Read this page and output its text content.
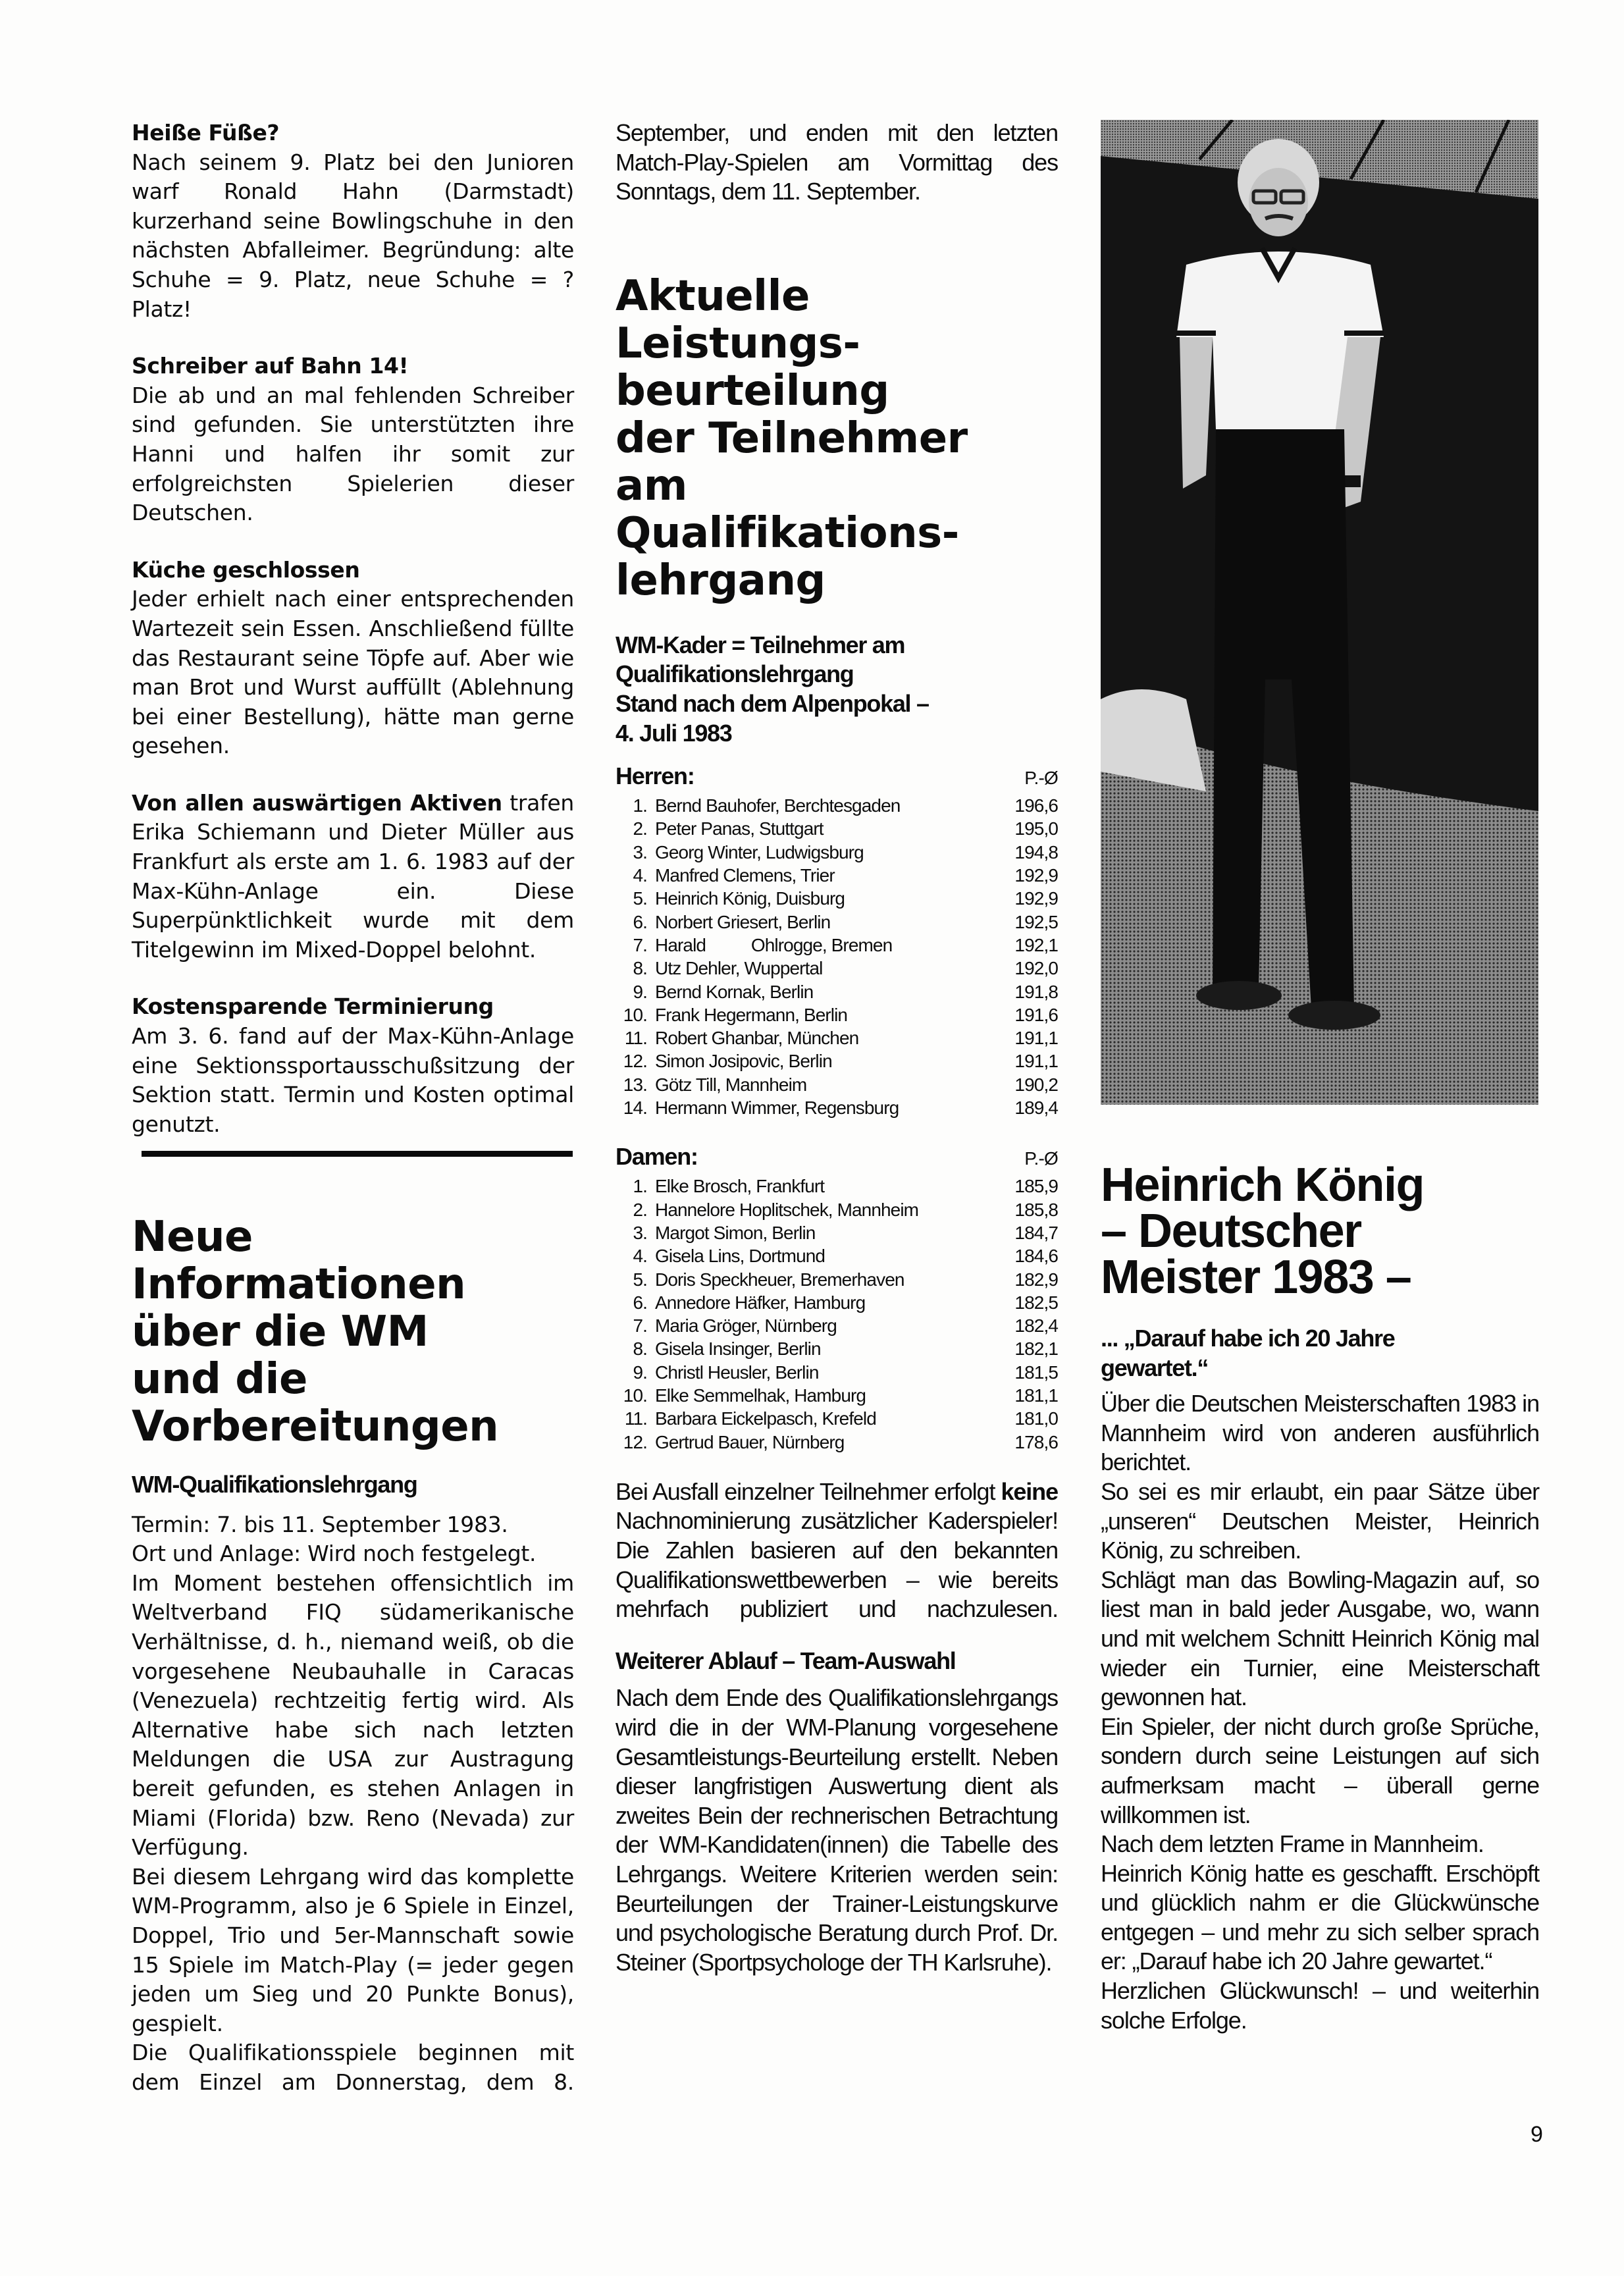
Heiße Füße?

Nach seinem 9. Platz bei den Junioren warf Ronald Hahn (Darmstadt) kurzerhand seine Bowlingschuhe in den nächsten Abfalleimer. Begründung: alte Schuhe = 9. Platz, neue Schuhe = ? Platz!

Schreiber auf Bahn 14!

Die ab und an mal fehlenden Schreiber sind gefunden. Sie unterstützten ihre Hanni und halfen ihr somit zur erfolgreichsten Spielerien dieser Deutschen.

Küche geschlossen

Jeder erhielt nach einer entsprechenden Wartezeit sein Essen. Anschließend füllte das Restaurant seine Töpfe auf. Aber wie man Brot und Wurst auffüllt (Ablehnung bei einer Bestellung), hätte man gerne gesehen.

Von allen auswärtigen Aktiven trafen Erika Schiemann und Dieter Müller aus Frankfurt als erste am 1. 6. 1983 auf der Max-Kühn-Anlage ein. Diese Superpünktlichkeit wurde mit dem Titelgewinn im Mixed-Doppel belohnt.

Kostensparende Terminierung

Am 3. 6. fand auf der Max-Kühn-Anlage eine Sektionssportausschußsitzung der Sektion statt. Termin und Kosten optimal genutzt.

Neue
Informationen
über die WM
und die
Vorbereitungen
WM-Qualifikationslehrgang

Termin: 7. bis 11. September 1983.

Ort und Anlage: Wird noch festgelegt.

Im Moment bestehen offensichtlich im Weltverband FIQ südamerikanische Verhältnisse, d. h., niemand weiß, ob die vorgesehene Neubauhalle in Caracas (Venezuela) rechtzeitig fertig wird. Als Alternative habe sich nach letzten Meldungen die USA zur Austragung bereit gefunden, es stehen Anlagen in Miami (Florida) bzw. Reno (Nevada) zur Verfügung.

Bei diesem Lehrgang wird das komplette WM-Programm, also je 6 Spiele in Einzel, Doppel, Trio und 5er-Mannschaft sowie 15 Spiele im Match-Play (= jeder gegen jeden um Sieg und 20 Punkte Bonus), gespielt.

Die Qualifikationsspiele beginnen mit dem Einzel am Donnerstag, dem 8.

September, und enden mit den letzten Match-Play-Spielen am Vormittag des Sonntags, dem 11. September.

Aktuelle
Leistungs-
beurteilung
der Teilnehmer
am
Qualifikations-
lehrgang
WM-Kader = Teilnehmer am
Qualifikationslehrgang
Stand nach dem Alpenpokal –
4. Juli 1983
Herren:	P.-Ø
1. Bernd Bauhofer, Berchtesgaden	196,6
2. Peter Panas, Stuttgart	195,0
3. Georg Winter, Ludwigsburg	194,8
4. Manfred Clemens, Trier	192,9
5. Heinrich König, Duisburg	192,9
6. Norbert Griesert, Berlin	192,5
7. Harald          Ohlrogge, Bremen	192,1
8. Utz Dehler, Wuppertal	192,0
9. Bernd Kornak, Berlin	191,8
10. Frank Hegermann, Berlin	191,6
11. Robert Ghanbar, München	191,1
12. Simon Josipovic, Berlin	191,1
13. Götz Till, Mannheim	190,2
14. Hermann Wimmer, Regensburg	189,4
Damen:	P.-Ø
1. Elke Brosch, Frankfurt	185,9
2. Hannelore Hoplitschek, Mannheim	185,8
3. Margot Simon, Berlin	184,7
4. Gisela Lins, Dortmund	184,6
5. Doris Speckheuer, Bremerhaven	182,9
6. Annedore Häfker, Hamburg	182,5
7. Maria Gröger, Nürnberg	182,4
8. Gisela Insinger, Berlin	182,1
9. Christl Heusler, Berlin	181,5
10. Elke Semmelhak, Hamburg	181,1
11. Barbara Eickelpasch, Krefeld	181,0
12. Gertrud Bauer, Nürnberg	178,6

Bei Ausfall einzelner Teilnehmer erfolgt keine Nachnominierung zusätzlicher Kaderspieler! Die Zahlen basieren auf den bekannten Qualifikationswettbewerben – wie bereits mehrfach publiziert und nachzulesen.

Weiterer Ablauf – Team-Auswahl

Nach dem Ende des Qualifikationslehrgangs wird die in der WM-Planung vorgesehene Gesamtleistungs-Beurteilung erstellt. Neben dieser langfristigen Auswertung dient als zweites Bein der rechnerischen Betrachtung der WM-Kandidaten(innen) die Tabelle des Lehrgangs. Weitere Kriterien werden sein: Beurteilungen der Trainer-Leistungskurve und psychologische Beratung durch Prof. Dr. Steiner (Sportpsychologe der TH Karlsruhe).

Heinrich König
– Deutscher
Meister 1983 –
... „Darauf habe ich 20 Jahre
gewartet.“

Über die Deutschen Meisterschaften 1983 in Mannheim wird von anderen ausführlich berichtet.

So sei es mir erlaubt, ein paar Sätze über „unseren“ Deutschen Meister, Heinrich König, zu schreiben.

Schlägt man das Bowling-Magazin auf, so liest man in bald jeder Ausgabe, wo, wann und mit welchem Schnitt Heinrich König mal wieder ein Turnier, eine Meisterschaft gewonnen hat.

Ein Spieler, der nicht durch große Sprüche, sondern durch seine Leistungen auf sich aufmerksam macht – überall gerne willkommen ist.

Nach dem letzten Frame in Mannheim.

Heinrich König hatte es geschafft. Erschöpft und glücklich nahm er die Glückwünsche entgegen – und mehr zu sich selber sprach er: „Darauf habe ich 20 Jahre gewartet.“

Herzlichen Glückwunsch! – und weiterhin solche Erfolge.

9
